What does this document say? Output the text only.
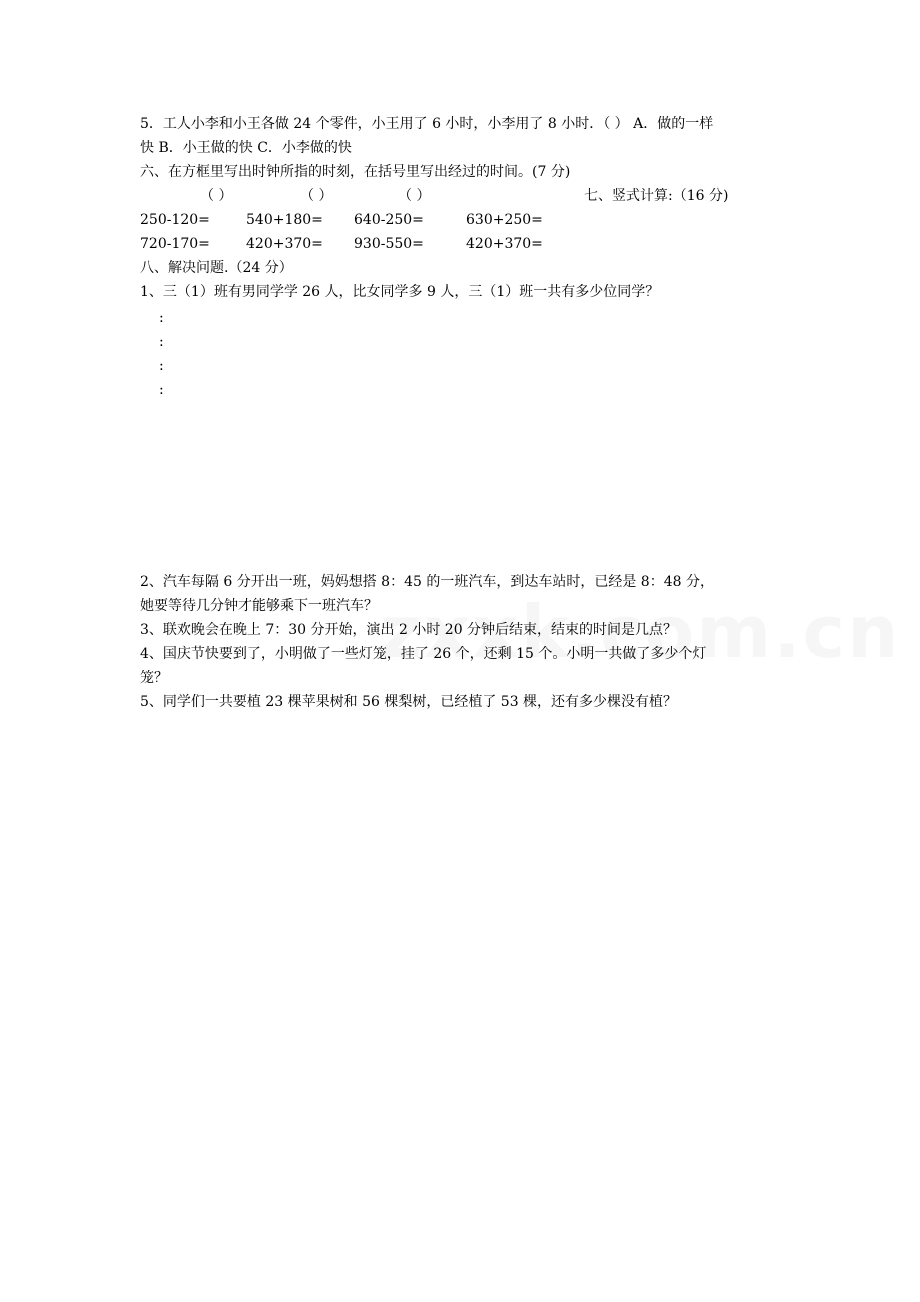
5．工人小李和小王各做 24 个零件，小王用了 6 小时，小李用了 8 小时．（ ） A．做的一样
快 B．小王做的快 C．小李做的快
六、在方框里写出时钟所指的时刻，在括号里写出经过的时间。(7 分)
（ ）	（ ）	（ ）	七、竖式计算:（16 分)
250-120=	540+180= 640-250=	630+250=
720-170=	420+370= 930-550=	420+370=
八、解决问题.（24 分）
1、三（1）班有男同学学 26 人，比女同学多 9 人，三（1）班一共有多少位同学？
:
:
:
:
2、汽车每隔 6 分开出一班，妈妈想搭 8：45 的一班汽车，到达车站时，已经是 8：48 分，
她要等待几分钟才能够乘下一班汽车？
3、联欢晚会在晚上 7：30 分开始，演出 2 小时 20 分钟后结束，结束的时间是几点？
4、国庆节快要到了，小明做了一些灯笼，挂了 26 个，还剩 15 个。小明一共做了多少个灯
笼？
5、同学们一共要植 23 棵苹果树和 56 棵梨树，已经植了 53 棵，还有多少棵没有植？
